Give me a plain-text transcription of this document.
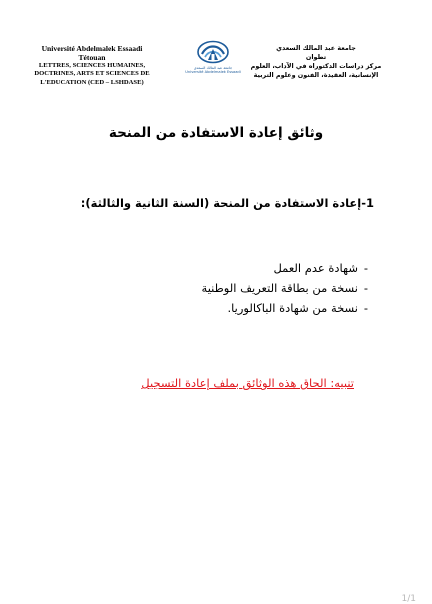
Université Abdelmalek Essaadi
Tétouan
LETTRES, SCIENCES HUMAINES,
DOCTRINES, ARTS ET SCIENCES DE
L'EDUCATION (CED – LSHDASE)
جامعة عبد المالك السعدي
Université Abdelmalek Essaadi
جامعة عبد المالك السعدي
تطوان
مركز دراسات الدكتوراه في الآداب، العلوم
الإنسانية، العقيدة، الفنون وعلوم التربية
وثائق إعادة الاستفادة من المنحة
1-إعادة الاستفادة من المنحة (السنة الثانية والثالثة):
-
شهادة عدم العمل
-
نسخة من بطاقة التعريف الوطنية
-
نسخة من شهادة الباكالوريا.
تنبيه: الحاق هذه الوثائق بملف إعادة التسجيل
1/1
